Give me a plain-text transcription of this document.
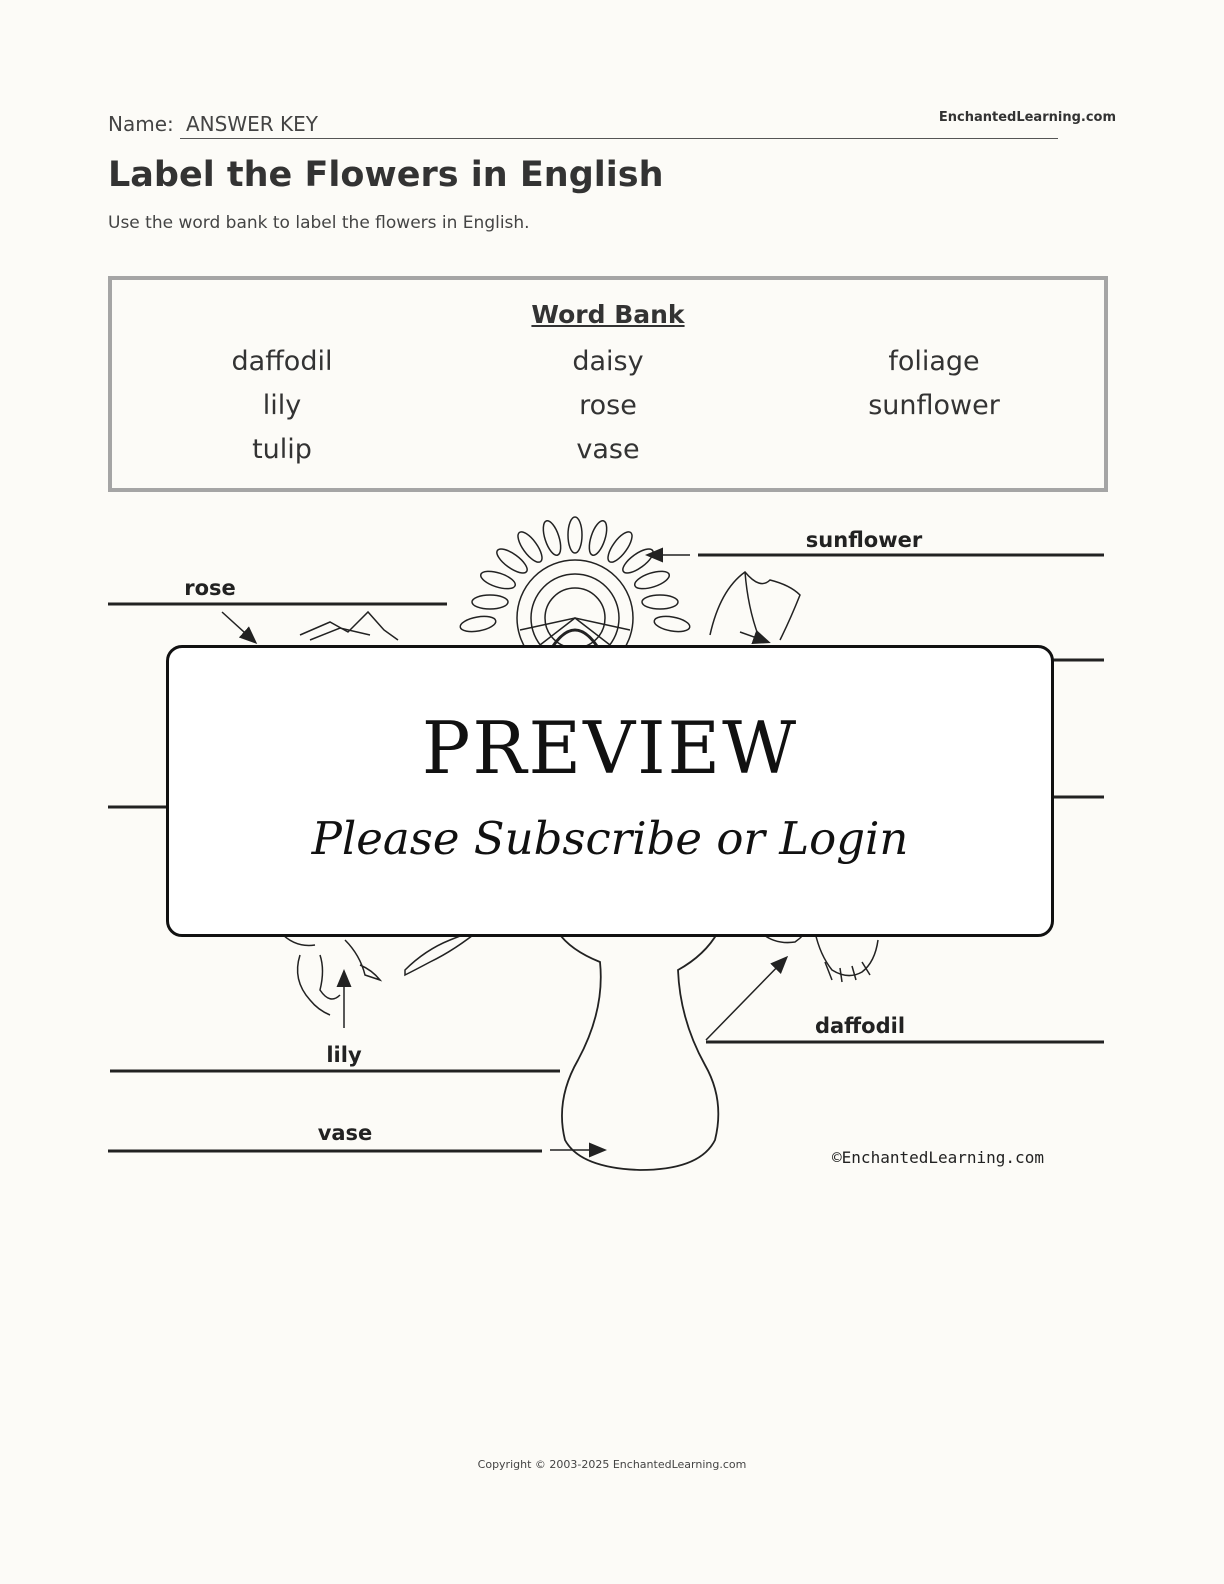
Name: ANSWER KEY	EnchantedLearning.com
Label the Flowers in English
Use the word bank to label the flowers in English.
Word Bank
daffodil	daisy	foliage
lily	rose	sunflower
tulip	vase
sunflower
rose
daffodil
lily
vase
©EnchantedLearning.com
PREVIEW
Please Subscribe or Login
Copyright © 2003-2025 EnchantedLearning.com
